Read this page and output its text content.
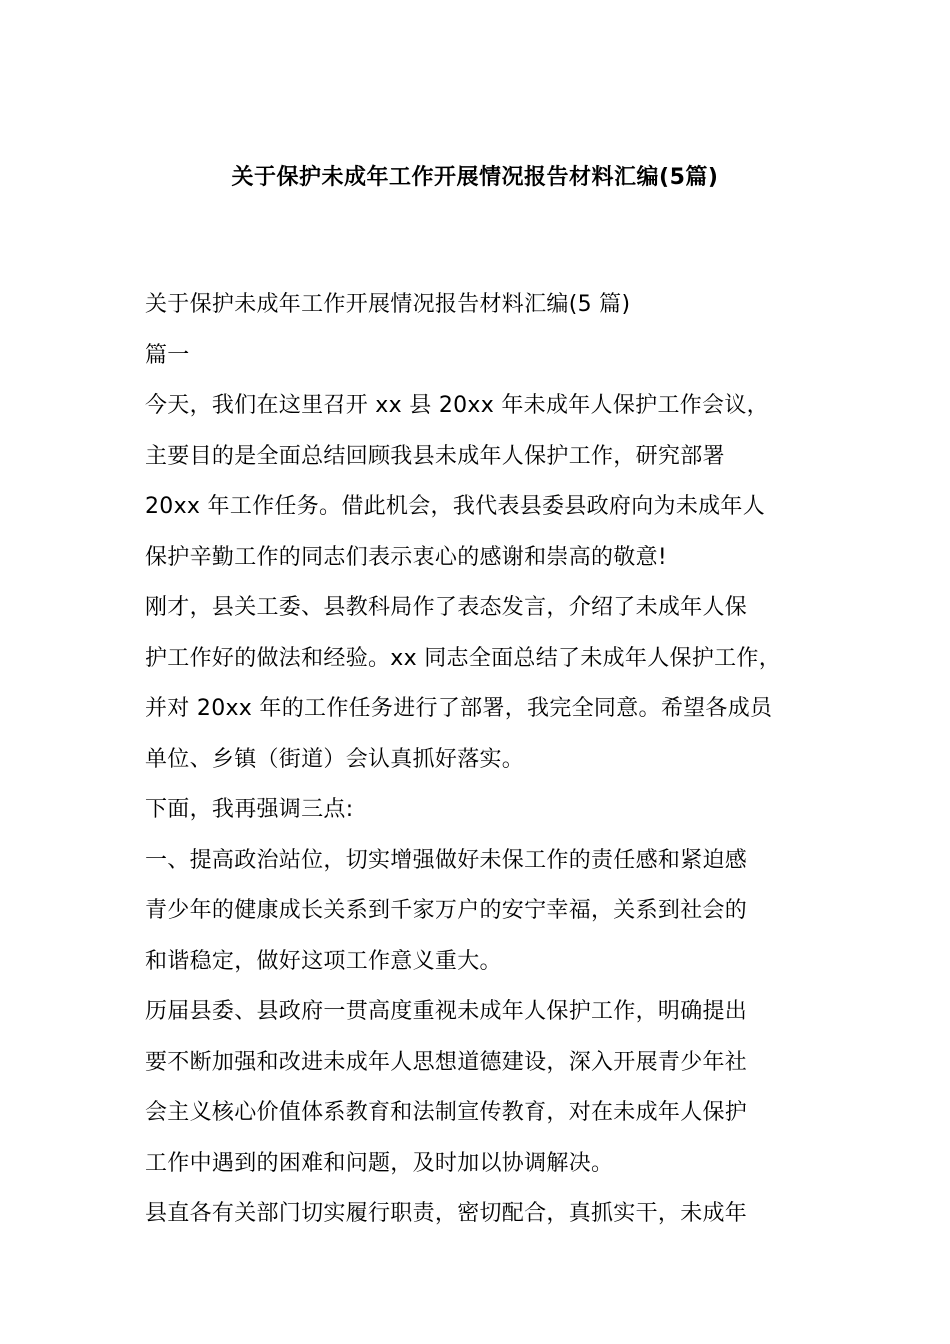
关于保护未成年工作开展情况报告材料汇编(5篇)
关于保护未成年工作开展情况报告材料汇编(5 篇)
篇一
今天，我们在这里召开 xx 县 20xx 年未成年人保护工作会议，
主要目的是全面总结回顾我县未成年人保护工作，研究部署
20xx 年工作任务。借此机会，我代表县委县政府向为未成年人
保护辛勤工作的同志们表示衷心的感谢和崇高的敬意!
刚才，县关工委、县教科局作了表态发言，介绍了未成年人保
护工作好的做法和经验。xx 同志全面总结了未成年人保护工作，
并对 20xx 年的工作任务进行了部署，我完全同意。希望各成员
单位、乡镇（街道）会认真抓好落实。
下面，我再强调三点:
一、提高政治站位，切实增强做好未保工作的责任感和紧迫感
青少年的健康成长关系到千家万户的安宁幸福，关系到社会的
和谐稳定，做好这项工作意义重大。
历届县委、县政府一贯高度重视未成年人保护工作，明确提出
要不断加强和改进未成年人思想道德建设，深入开展青少年社
会主义核心价值体系教育和法制宣传教育，对在未成年人保护
工作中遇到的困难和问题，及时加以协调解决。
县直各有关部门切实履行职责，密切配合，真抓实干，未成年
